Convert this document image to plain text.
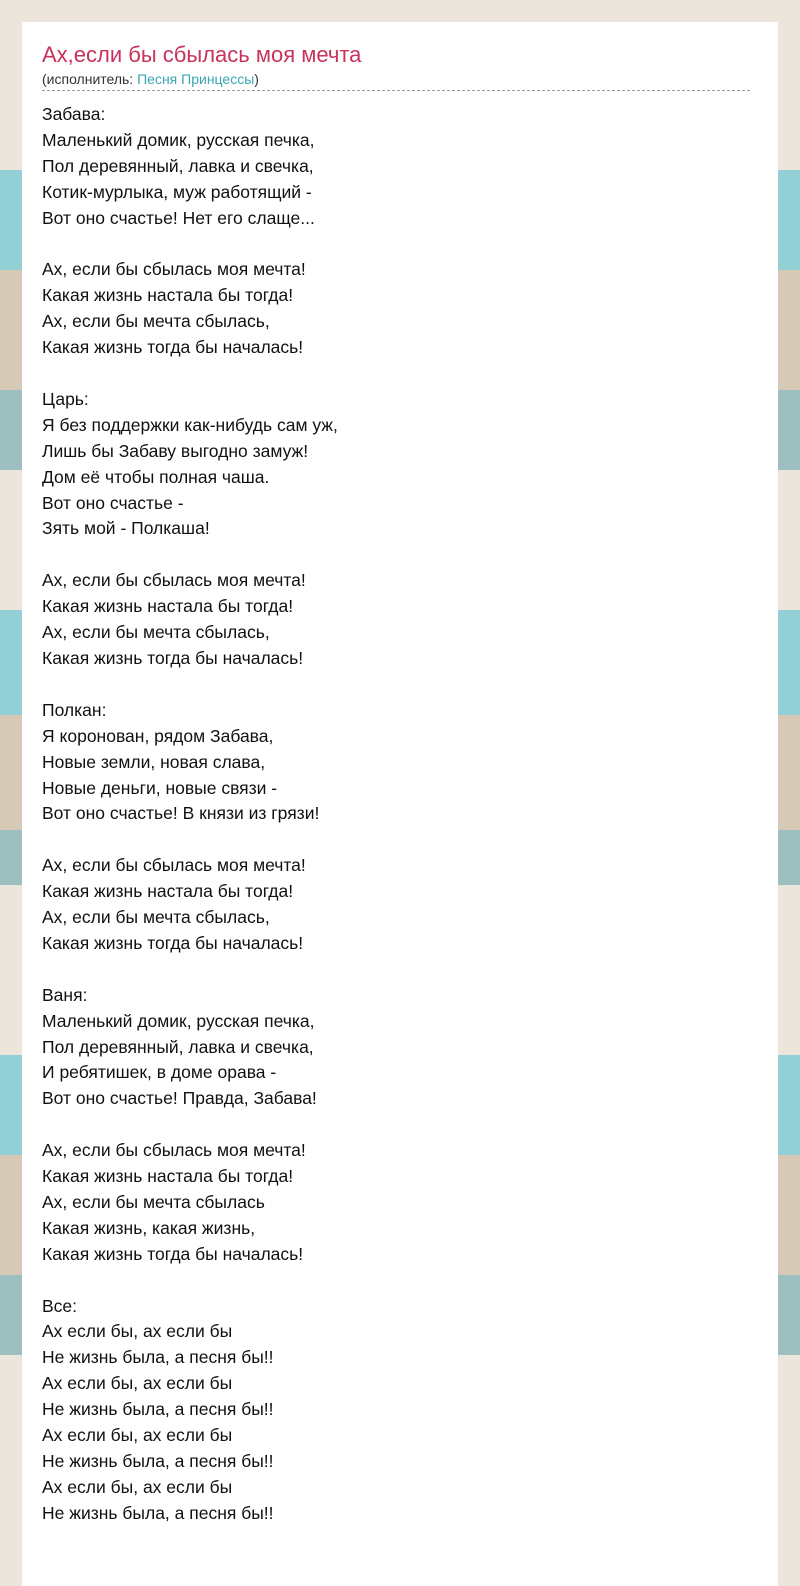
Ах,если бы сбылась моя мечта
(исполнитель: Песня Принцессы)
Забава:
Маленький домик, русская печка,
Пол деревянный, лавка и свечка,
Котик-мурлыка, муж работящий -
Вот оно счастье! Нет его слаще...
Ах, если бы сбылась моя мечта!
Какая жизнь настала бы тогда!
Ах, если бы мечта сбылась,
Какая жизнь тогда бы началась!
Царь:
Я без поддержки как-нибудь сам уж,
Лишь бы Забаву выгодно замуж!
Дом её чтобы полная чаша.
Вот оно счастье -
Зять мой - Полкаша!
Ах, если бы сбылась моя мечта!
Какая жизнь настала бы тогда!
Ах, если бы мечта сбылась,
Какая жизнь тогда бы началась!
Полкан:
Я коронован, рядом Забава,
Новые земли, новая слава,
Новые деньги, новые связи -
Вот оно счастье! В князи из грязи!
Ах, если бы сбылась моя мечта!
Какая жизнь настала бы тогда!
Ах, если бы мечта сбылась,
Какая жизнь тогда бы началась!
Ваня:
Маленький домик, русская печка,
Пол деревянный, лавка и свечка,
И ребятишек, в доме орава -
Вот оно счастье! Правда, Забава!
Ах, если бы сбылась моя мечта!
Какая жизнь настала бы тогда!
Ах, если бы мечта сбылась
Какая жизнь, какая жизнь,
Какая жизнь тогда бы началась!
Все:
Ах если бы, ах если бы
Не жизнь была, а песня бы!!
Ах если бы, ах если бы
Не жизнь была, а песня бы!!
Ах если бы, ах если бы
Не жизнь была, а песня бы!!
Ах если бы, ах если бы
Не жизнь была, а песня бы!!
